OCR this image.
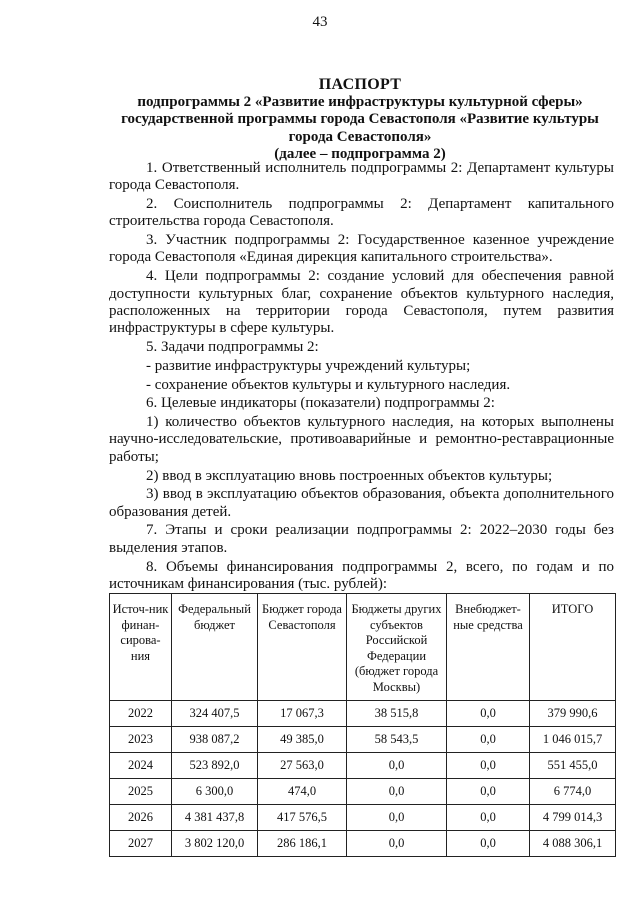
43
ПАСПОРТ
подпрограммы 2 «Развитие инфраструктуры культурной сферы»
государственной программы города Севастополя «Развитие культуры
города Севастополя»
(далее – подпрограмма 2)

1. Ответственный исполнитель подпрограммы 2: Департамент культуры города Севастополя.

2. Соисполнитель подпрограммы 2: Департамент капитального строительства города Севастополя.

3. Участник подпрограммы 2: Государственное казенное учреждение города Севастополя «Единая дирекция капитального строительства».

4. Цели подпрограммы 2: создание условий для обеспечения равной доступности культурных благ, сохранение объектов культурного наследия, расположенных на территории города Севастополя, путем развития инфраструктуры в сфере культуры.

5. Задачи подпрограммы 2:

- развитие инфраструктуры учреждений культуры;

- сохранение объектов культуры и культурного наследия.

6. Целевые индикаторы (показатели) подпрограммы 2:

1) количество объектов культурного наследия, на которых выполнены научно-исследовательские, противоаварийные и ремонтно-реставрационные работы;

2) ввод в эксплуатацию вновь построенных объектов культуры;

3) ввод в эксплуатацию объектов образования, объекта дополнительного образования детей.

7. Этапы и сроки реализации подпрограммы 2: 2022–2030 годы без выделения этапов.

8. Объемы финансирования подпрограммы 2, всего, по годам и по источникам финансирования (тыс. рублей):

Источ-ник финан-сирова-ния	Федеральный бюджет	Бюджет города Севастополя	Бюджеты других субъектов Российской Федерации (бюджет города Москвы)	Внебюджет-ные средства	ИТОГО
2022	324 407,5	17 067,3	38 515,8	0,0	379 990,6
2023	938 087,2	49 385,0	58 543,5	0,0	1 046 015,7
2024	523 892,0	27 563,0	0,0	0,0	551 455,0
2025	6 300,0	474,0	0,0	0,0	6 774,0
2026	4 381 437,8	417 576,5	0,0	0,0	4 799 014,3
2027	3 802 120,0	286 186,1	0,0	0,0	4 088 306,1
